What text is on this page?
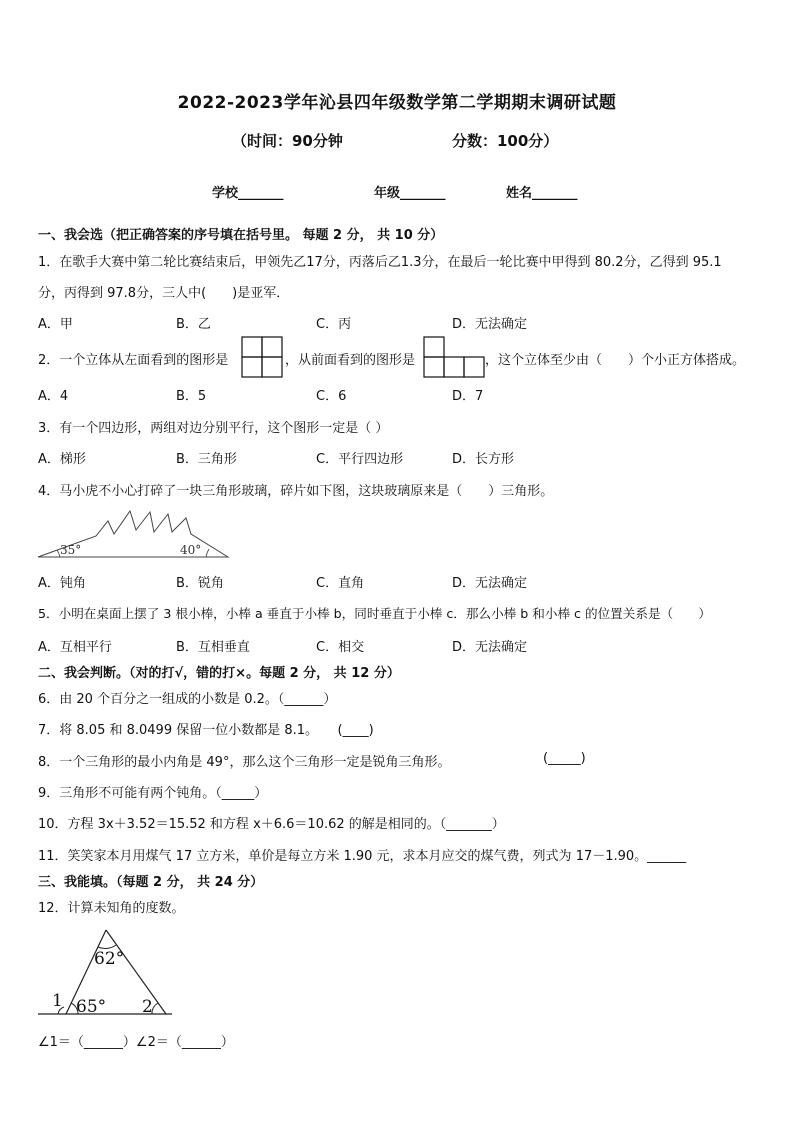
2022-2023学年沁县四年级数学第二学期期末调研试题
（时间：90分钟	分数：100分）
学校_______	年级_______	姓名_______
一、我会选（把正确答案的序号填在括号里。 每题 2 分， 共 10 分）
1．在歌手大赛中第二轮比赛结束后，甲领先乙17分，丙落后乙1.3分，在最后一轮比赛中甲得到 80.2分，乙得到 95.1
分，丙得到 97.8分，三人中(　　)是亚军．
A．甲	B．乙	C．丙	D．无法确定
2．一个立体从左面看到的图形是	，从前面看到的图形是	，这个立体至少由（　　）个小正方体搭成。
A．4	B．5	C．6	D．7
3．有一个四边形，两组对边分别平行，这个图形一定是（ ）
A．梯形	B．三角形	C．平行四边形	D．长方形
4．马小虎不小心打碎了一块三角形玻璃，碎片如下图，这块玻璃原来是（　　）三角形。
35°	40°
A．钝角	B．锐角	C．直角	D．无法确定
5．小明在桌面上摆了 3 根小棒，小棒 a 垂直于小棒 b，同时垂直于小棒 c．那么小棒 b 和小棒 c 的位置关系是（　　）
A．互相平行	B．互相垂直	C．相交	D．无法确定
二、我会判断。（对的打√，错的打×。每题 2 分， 共 12 分）
6．由 20 个百分之一组成的小数是 0.2。（______）
7．将 8.05 和 8.0499 保留一位小数都是 8.1。　　(____)
8．一个三角形的最小内角是 49°，那么这个三角形一定是锐角三角形。	(_____)
9．三角形不可能有两个钝角。（_____）
10．方程 3x＋3.52＝15.52 和方程 x＋6.6＝10.62 的解是相同的。（_______）
11．笑笑家本月用煤气 17 立方米，单价是每立方米 1.90 元，求本月应交的煤气费，列式为 17－1.90。______
三、我能填。（每题 2 分， 共 24 分）
12．计算未知角的度数。
62°
65°
1	2
∠1＝（______）∠2＝（______）
